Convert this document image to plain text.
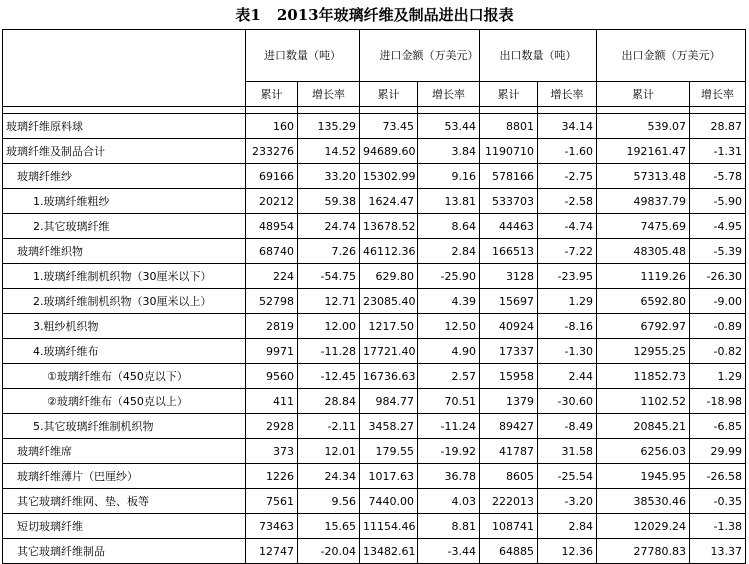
表1 2013年玻璃纤维及制品进出口报表
	进口数量（吨）		进口金额（万美元）		出口数量（吨）		出口金额（万美元）	
	累计	增长率	累计	增长率	累计	增长率	累计	增长率

玻璃纤维原料球	160	135.29	73.45	53.44	8801	34.14	539.07	28.87
玻璃纤维及制品合计	233276	14.52	94689.60	3.84	1190710	-1.60	192161.47	-1.31
玻璃纤维纱	69166	33.20	15302.99	9.16	578166	-2.75	57313.48	-5.78
1.玻璃纤维粗纱	20212	59.38	1624.47	13.81	533703	-2.58	49837.79	-5.90
2.其它玻璃纤维	48954	24.74	13678.52	8.64	44463	-4.74	7475.69	-4.95
玻璃纤维织物	68740	7.26	46112.36	2.84	166513	-7.22	48305.48	-5.39
1.玻璃纤维制机织物（30厘米以下）	224	-54.75	629.80	-25.90	3128	-23.95	1119.26	-26.30
2.玻璃纤维制机织物（30厘米以上）	52798	12.71	23085.40	4.39	15697	1.29	6592.80	-9.00
3.粗纱机织物	2819	12.00	1217.50	12.50	40924	-8.16	6792.97	-0.89
4.玻璃纤维布	9971	-11.28	17721.40	4.90	17337	-1.30	12955.25	-0.82
①玻璃纤维布（450克以下）	9560	-12.45	16736.63	2.57	15958	2.44	11852.73	1.29
②玻璃纤维布（450克以上）	411	28.84	984.77	70.51	1379	-30.60	1102.52	-18.98
5.其它玻璃纤维制机织物	2928	-2.11	3458.27	-11.24	89427	-8.49	20845.21	-6.85
玻璃纤维席	373	12.01	179.55	-19.92	41787	31.58	6256.03	29.99
玻璃纤维薄片（巴厘纱）	1226	24.34	1017.63	36.78	8605	-25.54	1945.95	-26.58
其它玻璃纤维网、垫、板等	7561	9.56	7440.00	4.03	222013	-3.20	38530.46	-0.35
短切玻璃纤维	73463	15.65	11154.46	8.81	108741	2.84	12029.24	-1.38
其它玻璃纤维制品	12747	-20.04	13482.61	-3.44	64885	12.36	27780.83	13.37
